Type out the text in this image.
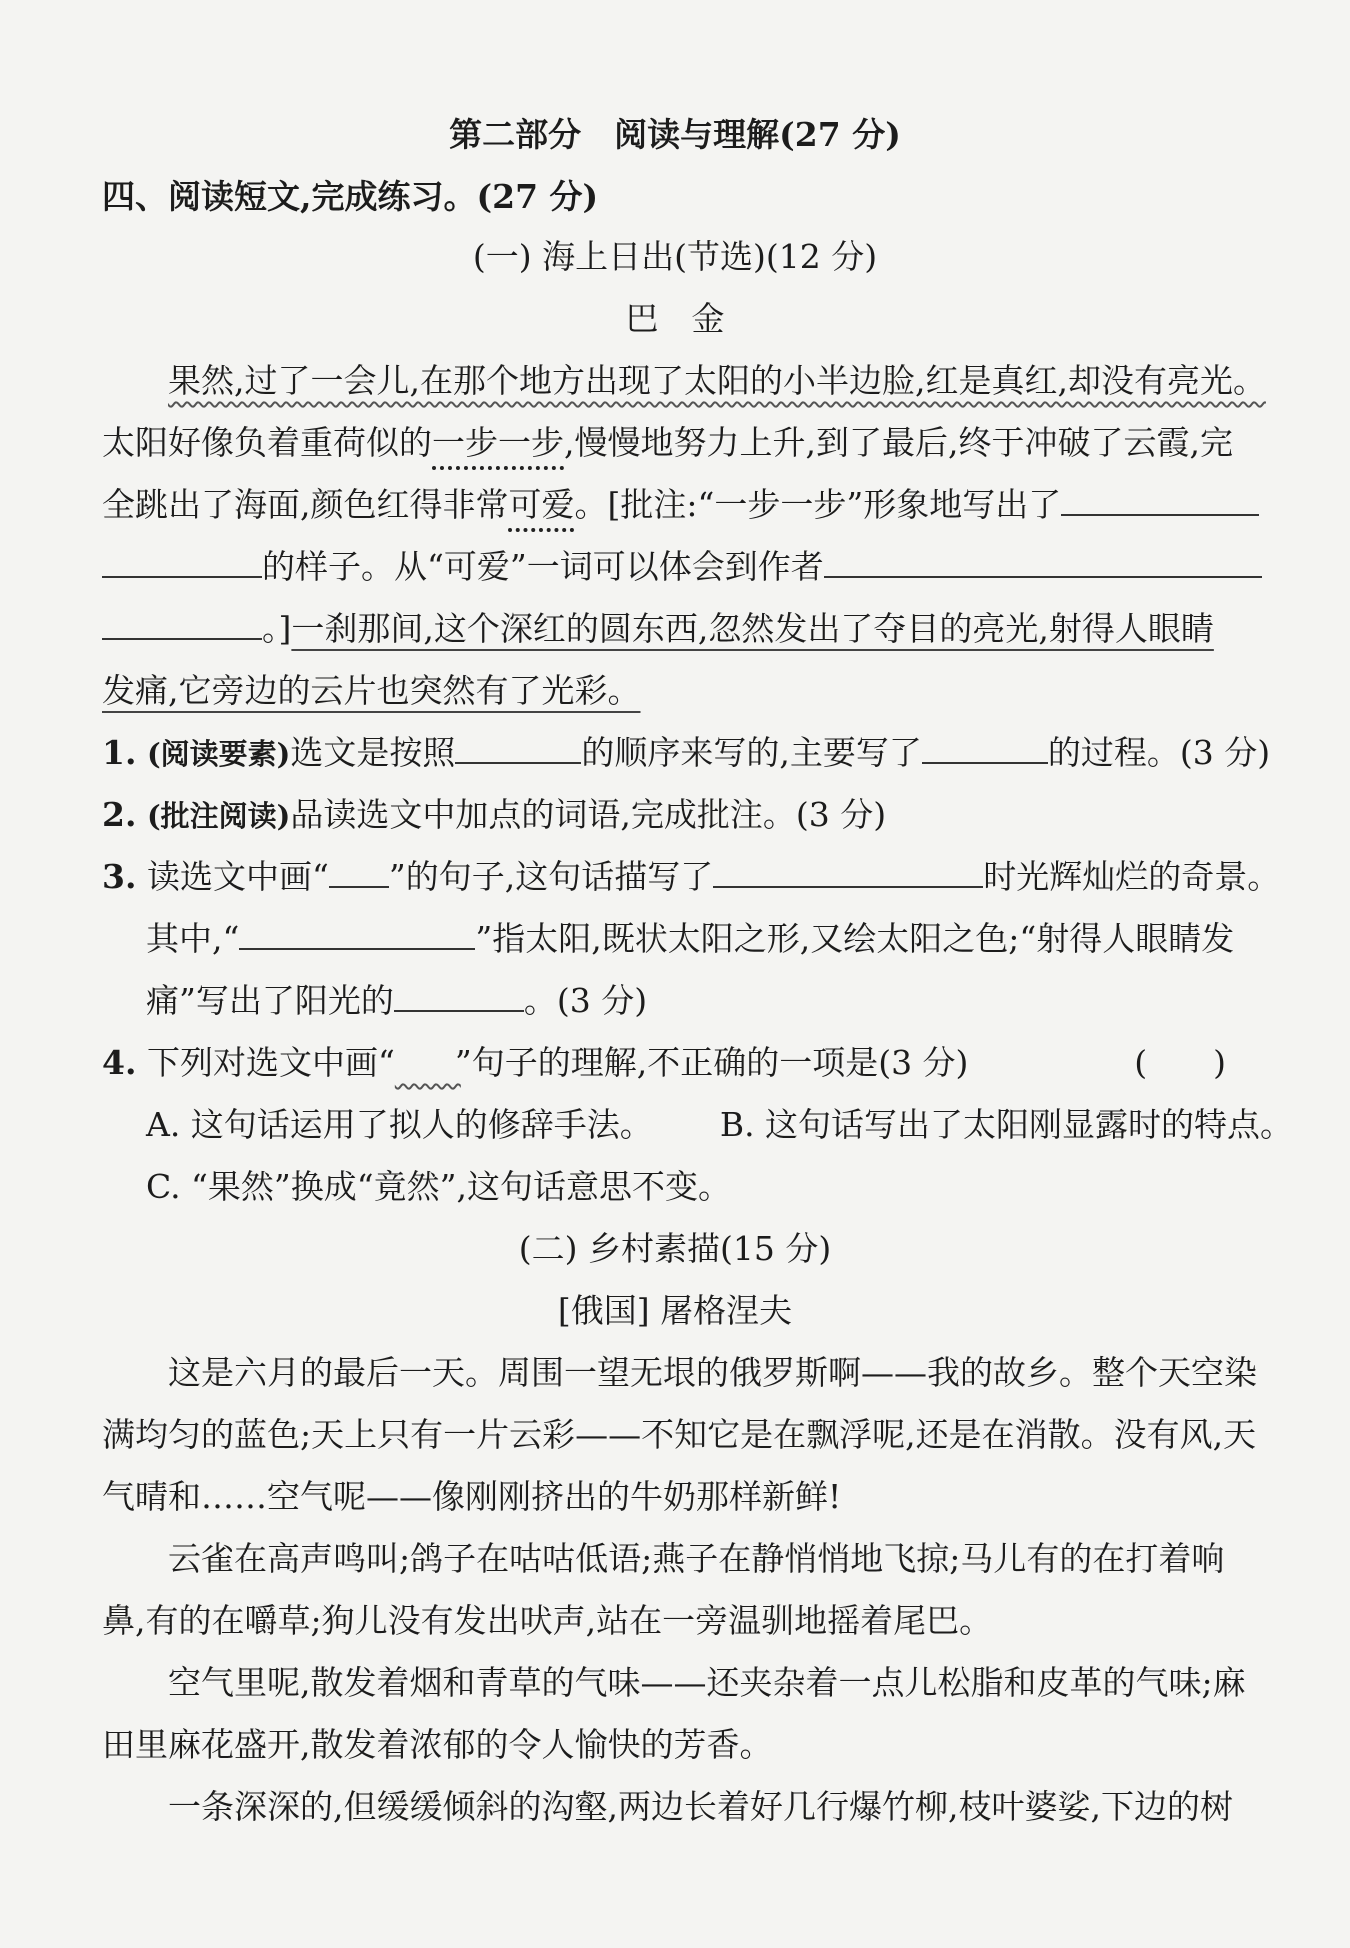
第二部分　阅读与理解(27 分)
四、阅读短文,完成练习。(27 分)
(一) 海上日出(节选)(12 分)
巴　金
果然,过了一会儿,在那个地方出现了太阳的小半边脸,红是真红,却没有亮光。
太阳好像负着重荷似的一步一步,慢慢地努力上升,到了最后,终于冲破了云霞,完
全跳出了海面,颜色红得非常可爱。[批注:“一步一步”形象地写出了
的样子。从“可爱”一词可以体会到作者
。]一刹那间,这个深红的圆东西,忽然发出了夺目的亮光,射得人眼睛
发痛,它旁边的云片也突然有了光彩。
1. (阅读要素)选文是按照	的顺序来写的,主要写了	的过程。(3 分)
2. (批注阅读)品读选文中加点的词语,完成批注。(3 分)
3. 读选文中画“ ”的句子,这句话描写了	时光辉灿烂的奇景。
其中,“	”指太阳,既状太阳之形,又绘太阳之色;“射得人眼睛发
痛”写出了阳光的	。(3 分)
4. 下列对选文中画“​　　”句子的理解,不正确的一项是(3 分)	(　　)
A. 这句话运用了拟人的修辞手法。 B. 这句话写出了太阳刚显露时的特点。
C. “果然”换成“竟然”,这句话意思不变。
(二) 乡村素描(15 分)
[俄国] 屠格涅夫
这是六月的最后一天。周围一望无垠的俄罗斯啊——我的故乡。整个天空染
满均匀的蓝色;天上只有一片云彩——不知它是在飘浮呢,还是在消散。没有风,天
气晴和……空气呢——像刚刚挤出的牛奶那样新鲜!
云雀在高声鸣叫;鸽子在咕咕低语;燕子在静悄悄地飞掠;马儿有的在打着响
鼻,有的在嚼草;狗儿没有发出吠声,站在一旁温驯地摇着尾巴。
空气里呢,散发着烟和青草的气味——还夹杂着一点儿松脂和皮革的气味;麻
田里麻花盛开,散发着浓郁的令人愉快的芳香。
一条深深的,但缓缓倾斜的沟壑,两边长着好几行爆竹柳,枝叶婆娑,下边的树
